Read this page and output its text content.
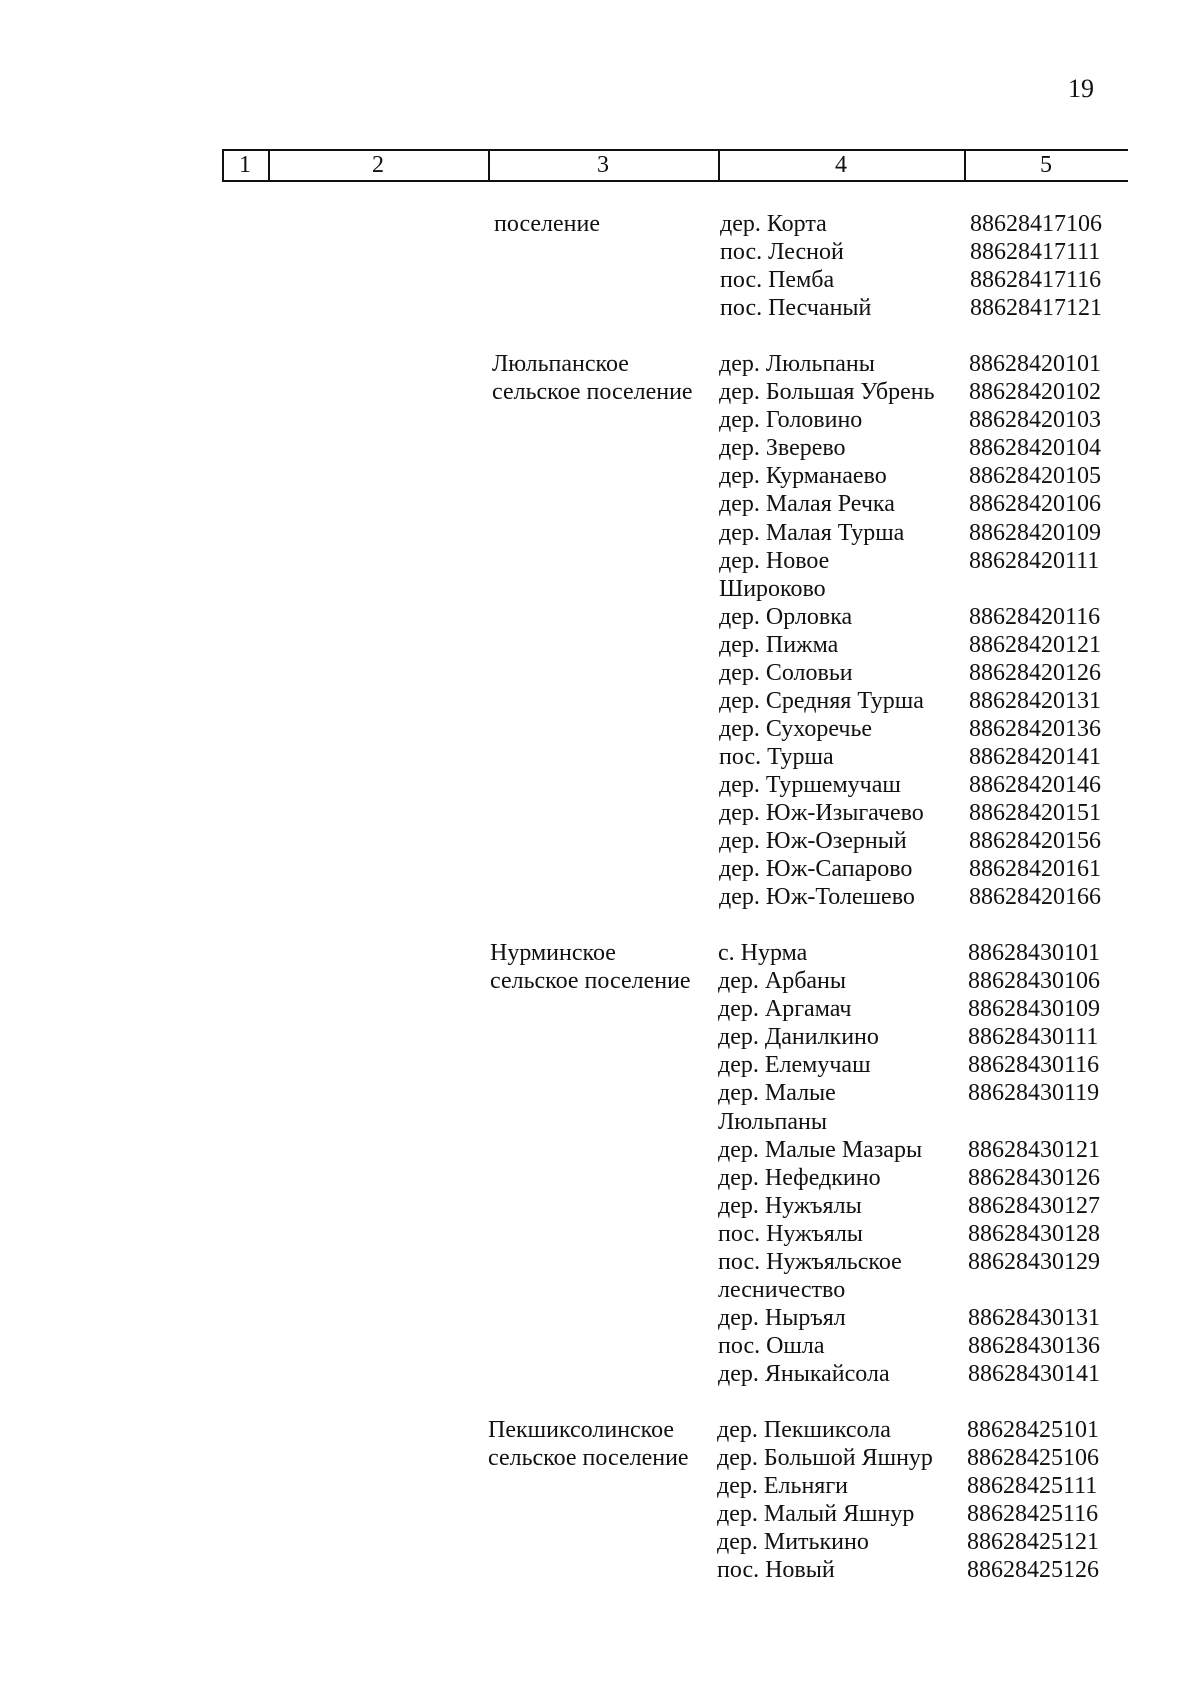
19
1	2	3	4	5
поселение	дер. Корта	88628417106
пос. Лесной	88628417111
пос. Пемба	88628417116
пос. Песчаный	88628417121
Люльпанское
сельское поселение
дер. Люльпаны	88628420101
дер. Большая Убрень 88628420102
дер. Головино	88628420103
дер. Зверево	88628420104
дер. Курманаево	88628420105
дер. Малая Речка	88628420106
дер. Малая Турша	88628420109
дер. Новое	88628420111
Широково
дер. Орловка	88628420116
дер. Пижма	88628420121
дер. Соловьи	88628420126
дер. Средняя Турша 88628420131
дер. Сухоречье	88628420136
пос. Турша	88628420141
дер. Туршемучаш	88628420146
дер. Юж-Изыгачево 88628420151
дер. Юж-Озерный	88628420156
дер. Юж-Сапарово 88628420161
дер. Юж-Толешево 88628420166
Нурминское
сельское поселение
с. Нурма	88628430101
дер. Арбаны	88628430106
дер. Аргамач	88628430109
дер. Данилкино	88628430111
дер. Елемучаш	88628430116
дер. Малые	88628430119
Люльпаны
дер. Малые Мазары 88628430121
дер. Нефедкино	88628430126
дер. Нужъялы	88628430127
пос. Нужъялы	88628430128
пос. Нужъяльское	88628430129
лесничество
дер. Ныръял	88628430131
пос. Ошла	88628430136
дер. Яныкайсола	88628430141
Пекшиксолинское
сельское поселение
дер. Пекшиксола	88628425101
дер. Большой Яшнур 88628425106
дер. Ельняги	88628425111
дер. Малый Яшнур 88628425116
дер. Митькино	88628425121
пос. Новый	88628425126
